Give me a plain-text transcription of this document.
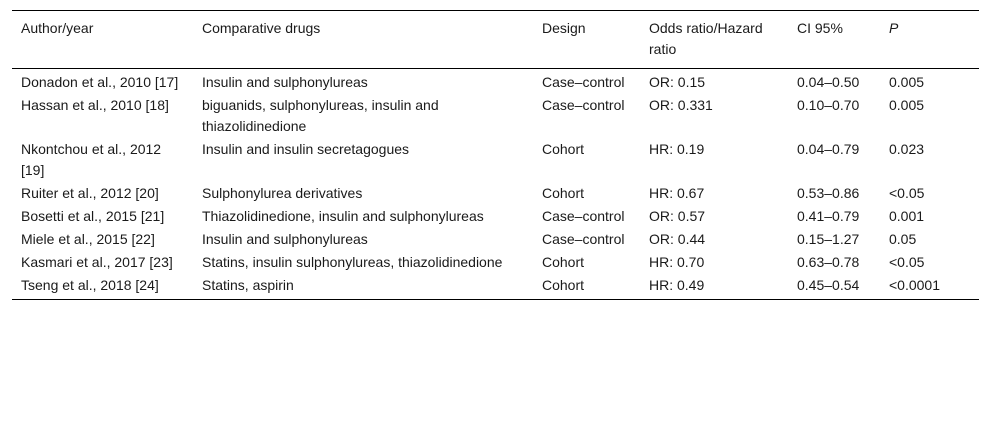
Author/year	Comparative drugs	Design	Odds ratio/Hazard ratio	CI 95%	P
Donadon et al., 2010 [17]	Insulin and sulphonylureas	Case–control	OR: 0.15	0.04–0.50	0.005
Hassan et al., 2010 [18]	biguanids, sulphonylureas, insulin and thiazolidinedione	Case–control	OR: 0.331	0.10–0.70	0.005
Nkontchou et al., 2012 [19]	Insulin and insulin secretagogues	Cohort	HR: 0.19	0.04–0.79	0.023
Ruiter et al., 2012 [20]	Sulphonylurea derivatives	Cohort	HR: 0.67	0.53–0.86	<0.05
Bosetti et al., 2015 [21]	Thiazolidinedione, insulin and sulphonylureas	Case–control	OR: 0.57	0.41–0.79	0.001
Miele et al., 2015 [22]	Insulin and sulphonylureas	Case–control	OR: 0.44	0.15–1.27	0.05
Kasmari et al., 2017 [23]	Statins, insulin sulphonylureas, thiazolidinedione	Cohort	HR: 0.70	0.63–0.78	<0.05
Tseng et al., 2018 [24]	Statins, aspirin	Cohort	HR: 0.49	0.45–0.54	<0.0001
